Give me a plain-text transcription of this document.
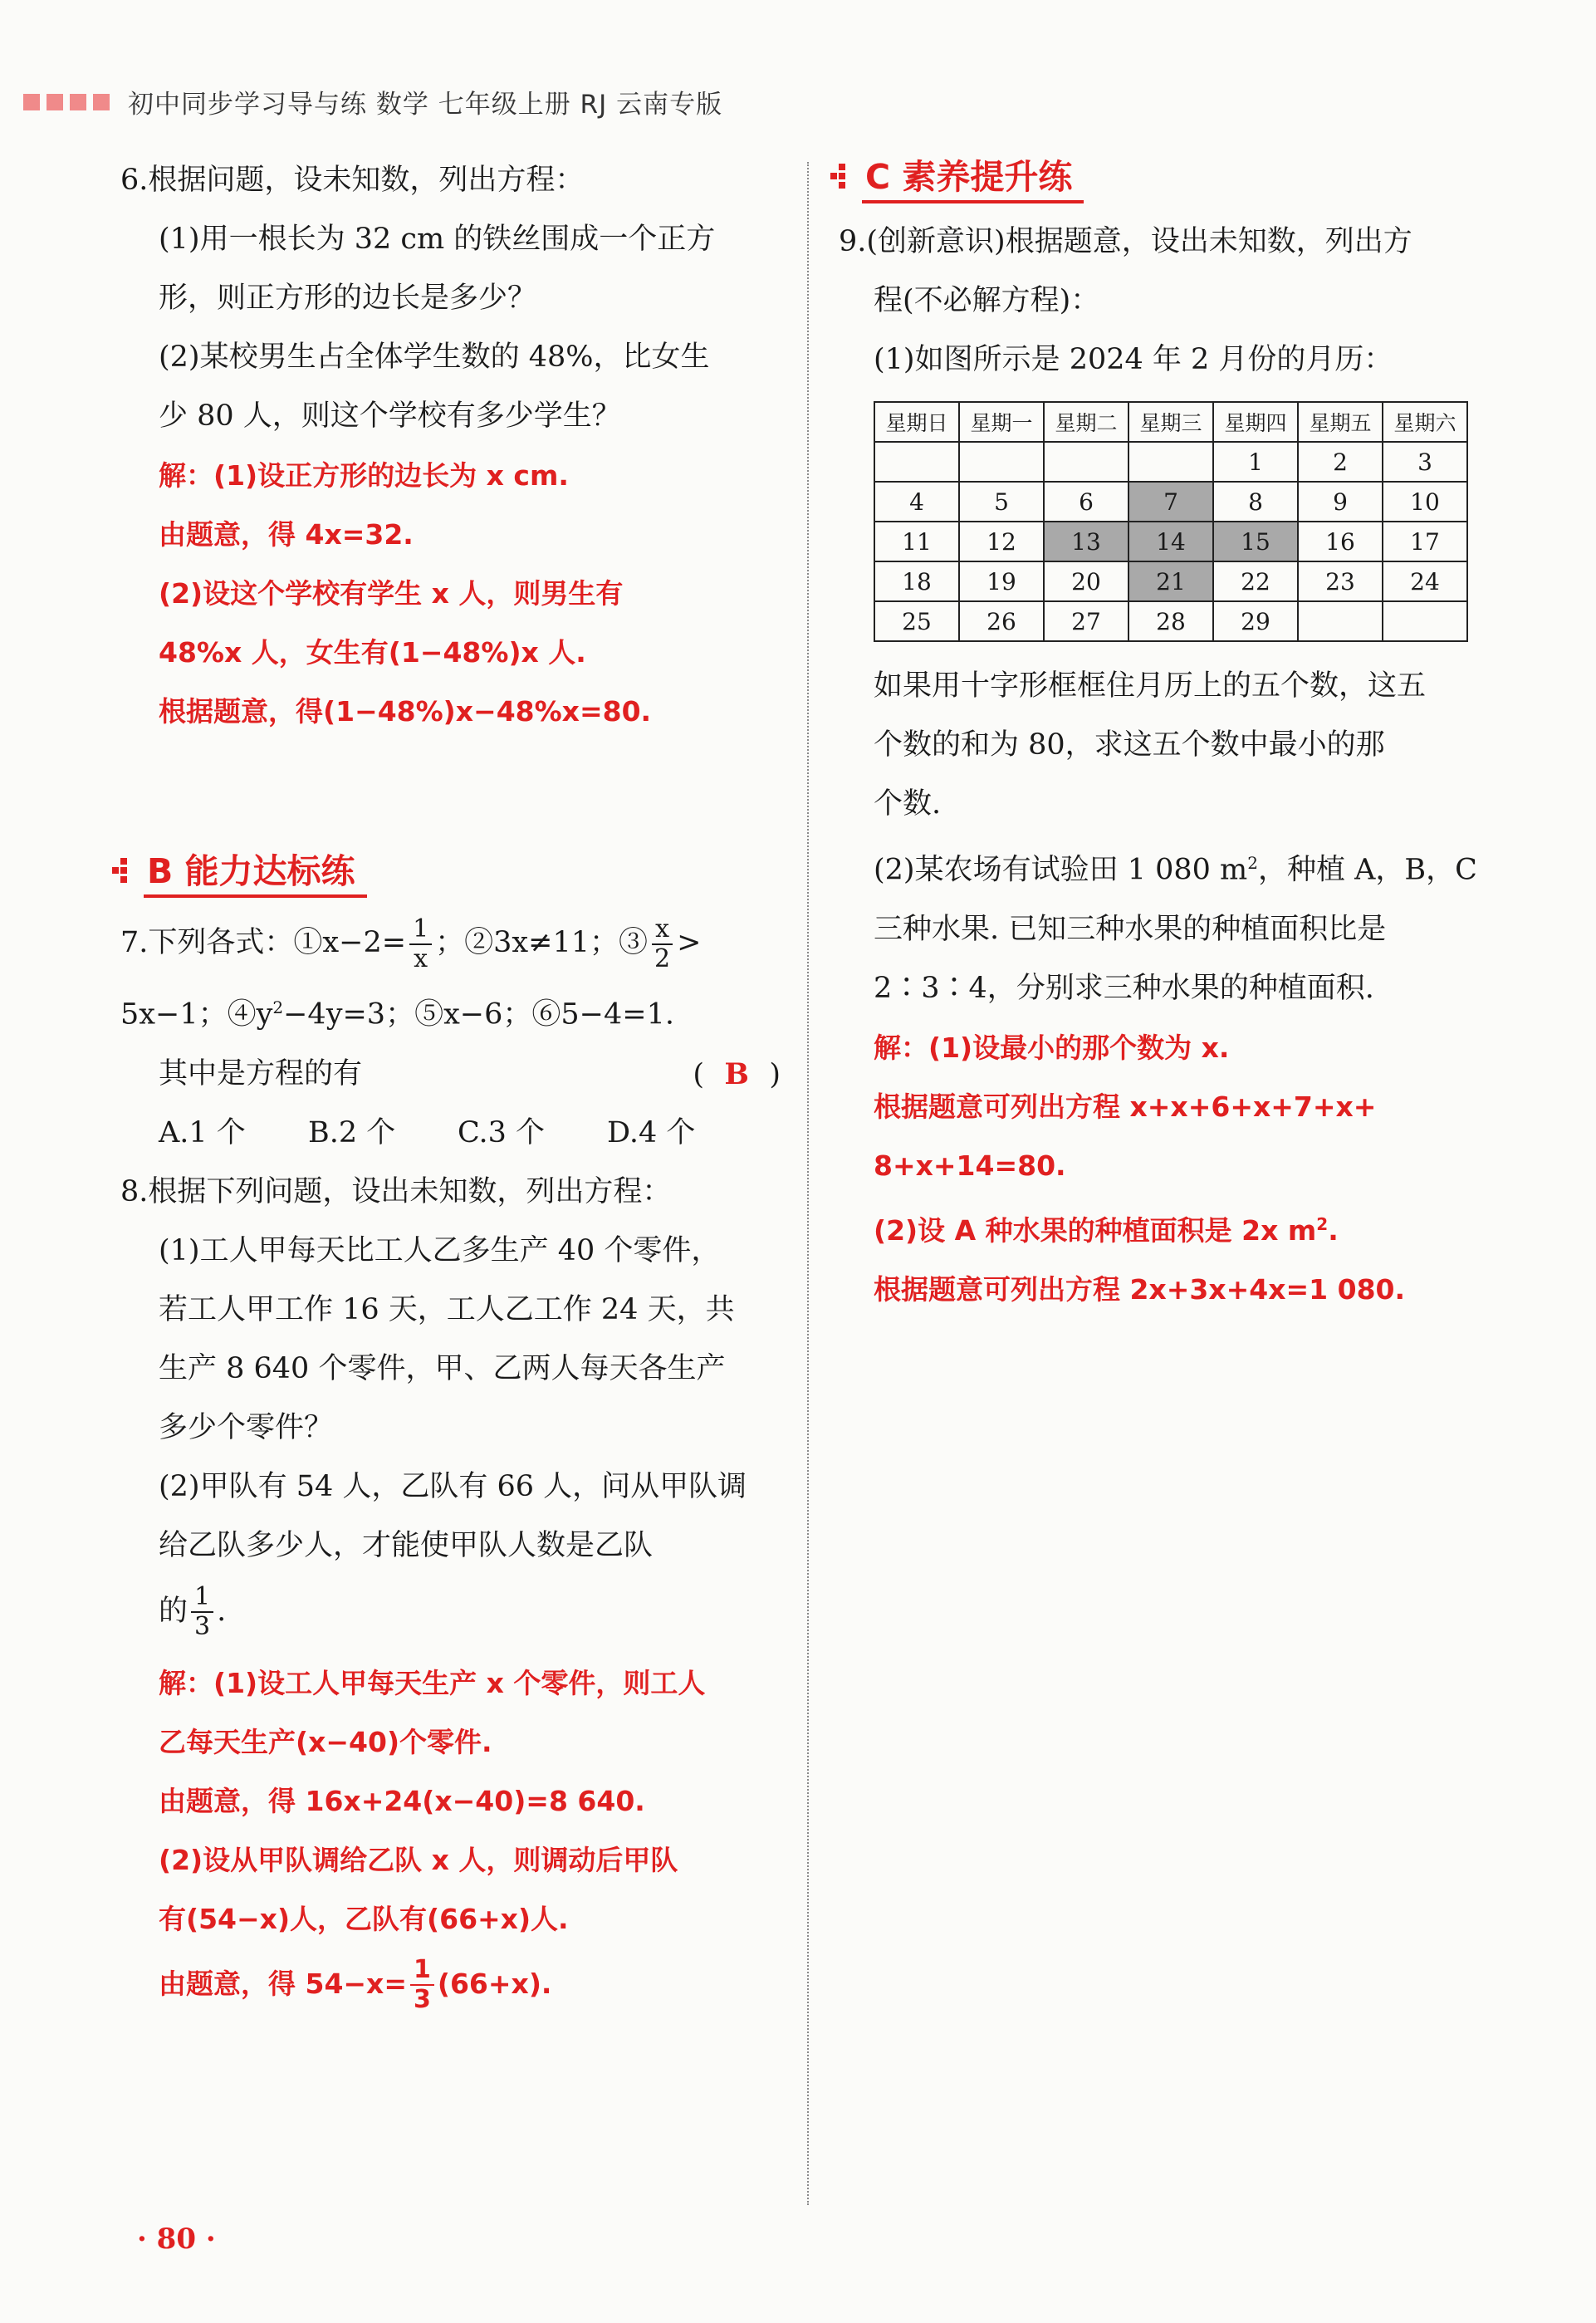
初中同步学习导与练 数学 七年级上册 RJ 云南专版
6.根据问题，设未知数，列出方程：
(1)用一根长为 32 cm 的铁丝围成一个正方
形，则正方形的边长是多少？
(2)某校男生占全体学生数的 48%，比女生
少 80 人，则这个学校有多少学生？
解：(1)设正方形的边长为 x cm.
由题意，得 4x=32.
(2)设这个学校有学生 x 人，则男生有
48%x 人，女生有(1−48%)x 人.
根据题意，得(1−48%)x−48%x=80.
B 能力达标练
7.下列各式：①x−2= $\frac{1}{x}$ ；②3x≠11；③ $\frac{x}{2}$ >
5x−1；$④y^2-4y=3$；⑤x−6；⑥5−4=1.
其中是方程的有	( B )
A.1 个 B.2 个 C.3 个 D.4 个
8.根据下列问题，设出未知数，列出方程：
(1)工人甲每天比工人乙多生产 40 个零件，
若工人甲工作 16 天，工人乙工作 24 天，共
生产 8 640 个零件，甲、乙两人每天各生产
多少个零件？
(2)甲队有 54 人，乙队有 66 人，问从甲队调
给乙队多少人，才能使甲队人数是乙队
的 $\frac{1}{3}$ .
解：(1)设工人甲每天生产 x 个零件，则工人
乙每天生产(x−40)个零件.
由题意，得 16x+24(x−40)=8 640.
(2)设从甲队调给乙队 x 人，则调动后甲队
有(54−x)人，乙队有(66+x)人.
由题意，得 $54-x= \frac{1}{3} (66+x)$.
C 素养提升练
9.(创新意识)根据题意，设出未知数，列出方
程(不必解方程)：
(1)如图所示是 2024 年 2 月份的月历：
星期日	星期一	星期二	星期三	星期四	星期五	星期六
				1	2	3
4	5	6	7	8	9	10
11	12	13	14	15	16	17
18	19	20	21	22	23	24
25	26	27	28	29		
如果用十字形框框住月历上的五个数，这五
个数的和为 80，求这五个数中最小的那
个数.
(2)某农场有试验田 1 080 $m^2$，种植 A，B，C
三种水果. 已知三种水果的种植面积比是
2∶3∶4，分别求三种水果的种植面积.
解：(1)设最小的那个数为 x.
根据题意可列出方程 x+x+6+x+7+x+
8+x+14=80.
(2)设 A 种水果的种植面积是 2x $m^2$.
根据题意可列出方程 2x+3x+4x=1 080.
· 80 ·
